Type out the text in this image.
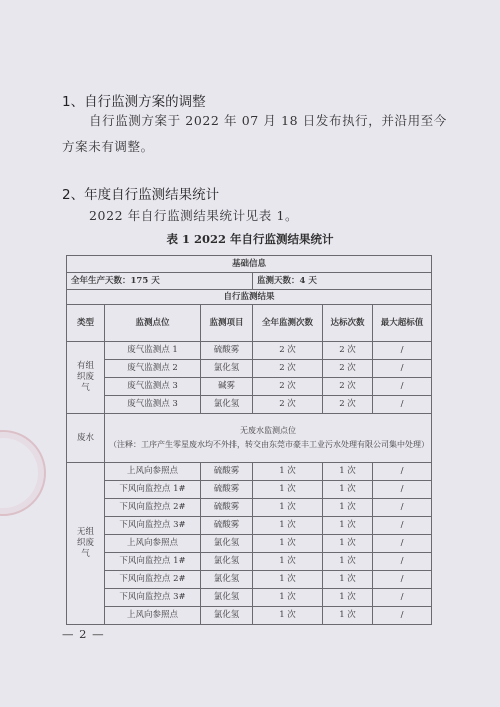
1、自行监测方案的调整
自行监测方案于 2022 年 07 月 18 日发布执行，并沿用至今
方案未有调整。
2、年度自行监测结果统计
2022 年自行监测结果统计见表 1。
表 1 2022 年自行监测结果统计
基础信息					
全年生产天数：175 天			监测天数：4 天		
自行监测结果					
类型	监测点位	监测项目	全年监测次数	达标次数	最大超标值
有组织废气	废气监测点 1	硫酸雾	2 次	2 次	/
	废气监测点 2	氯化氢	2 次	2 次	/
	废气监测点 3	碱雾	2 次	2 次	/
	废气监测点 3	氯化氢	2 次	2 次	/
废水	无废水监测点位
（注释：工序产生零星废水均不外排，转交由东莞市豪丰工业污水处理有限公司集中处理）				

无组织废气	上风向参照点	硫酸雾	1 次	1 次	/
	下风向监控点 1#	硫酸雾	1 次	1 次	/
	下风向监控点 2#	硫酸雾	1 次	1 次	/
	下风向监控点 3#	硫酸雾	1 次	1 次	/
	上风向参照点	氯化氢	1 次	1 次	/
	下风向监控点 1#	氯化氢	1 次	1 次	/
	下风向监控点 2#	氯化氢	1 次	1 次	/
	下风向监控点 3#	氯化氢	1 次	1 次	/
	上风向参照点	氯化氢	1 次	1 次	/
— 2 —
